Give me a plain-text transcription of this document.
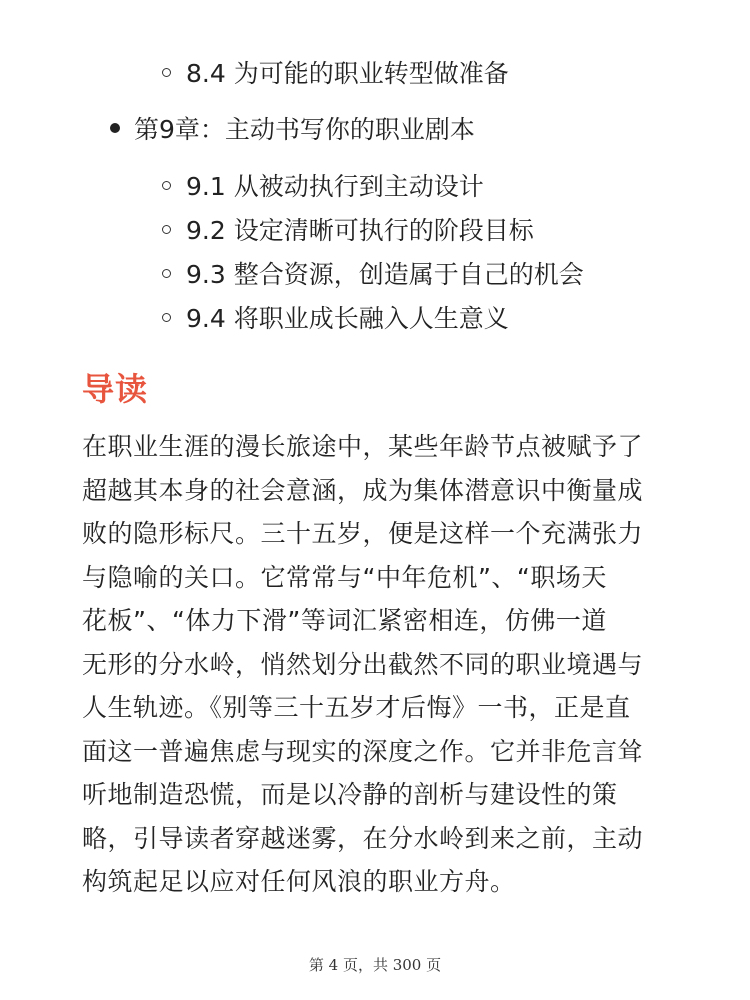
8.4 为可能的职业转型做准备
第9章：主动书写你的职业剧本
9.1 从被动执行到主动设计
9.2 设定清晰可执行的阶段目标
9.3 整合资源，创造属于自己的机会
9.4 将职业成长融入人生意义
导读
在职业生涯的漫长旅途中，某些年龄节点被赋予了
超越其本身的社会意涵，成为集体潜意识中衡量成
败的隐形标尺。三十五岁，便是这样一个充满张力
与隐喻的关口。它常常与“中年危机”、“职场天
花板”、“体力下滑”等词汇紧密相连，仿佛一道
无形的分水岭，悄然划分出截然不同的职业境遇与
人生轨迹。《别等三十五岁才后悔》一书，正是直
面这一普遍焦虑与现实的深度之作。它并非危言耸
听地制造恐慌，而是以冷静的剖析与建设性的策
略，引导读者穿越迷雾，在分水岭到来之前，主动
构筑起足以应对任何风浪的职业方舟。
第 4 页，共 300 页
